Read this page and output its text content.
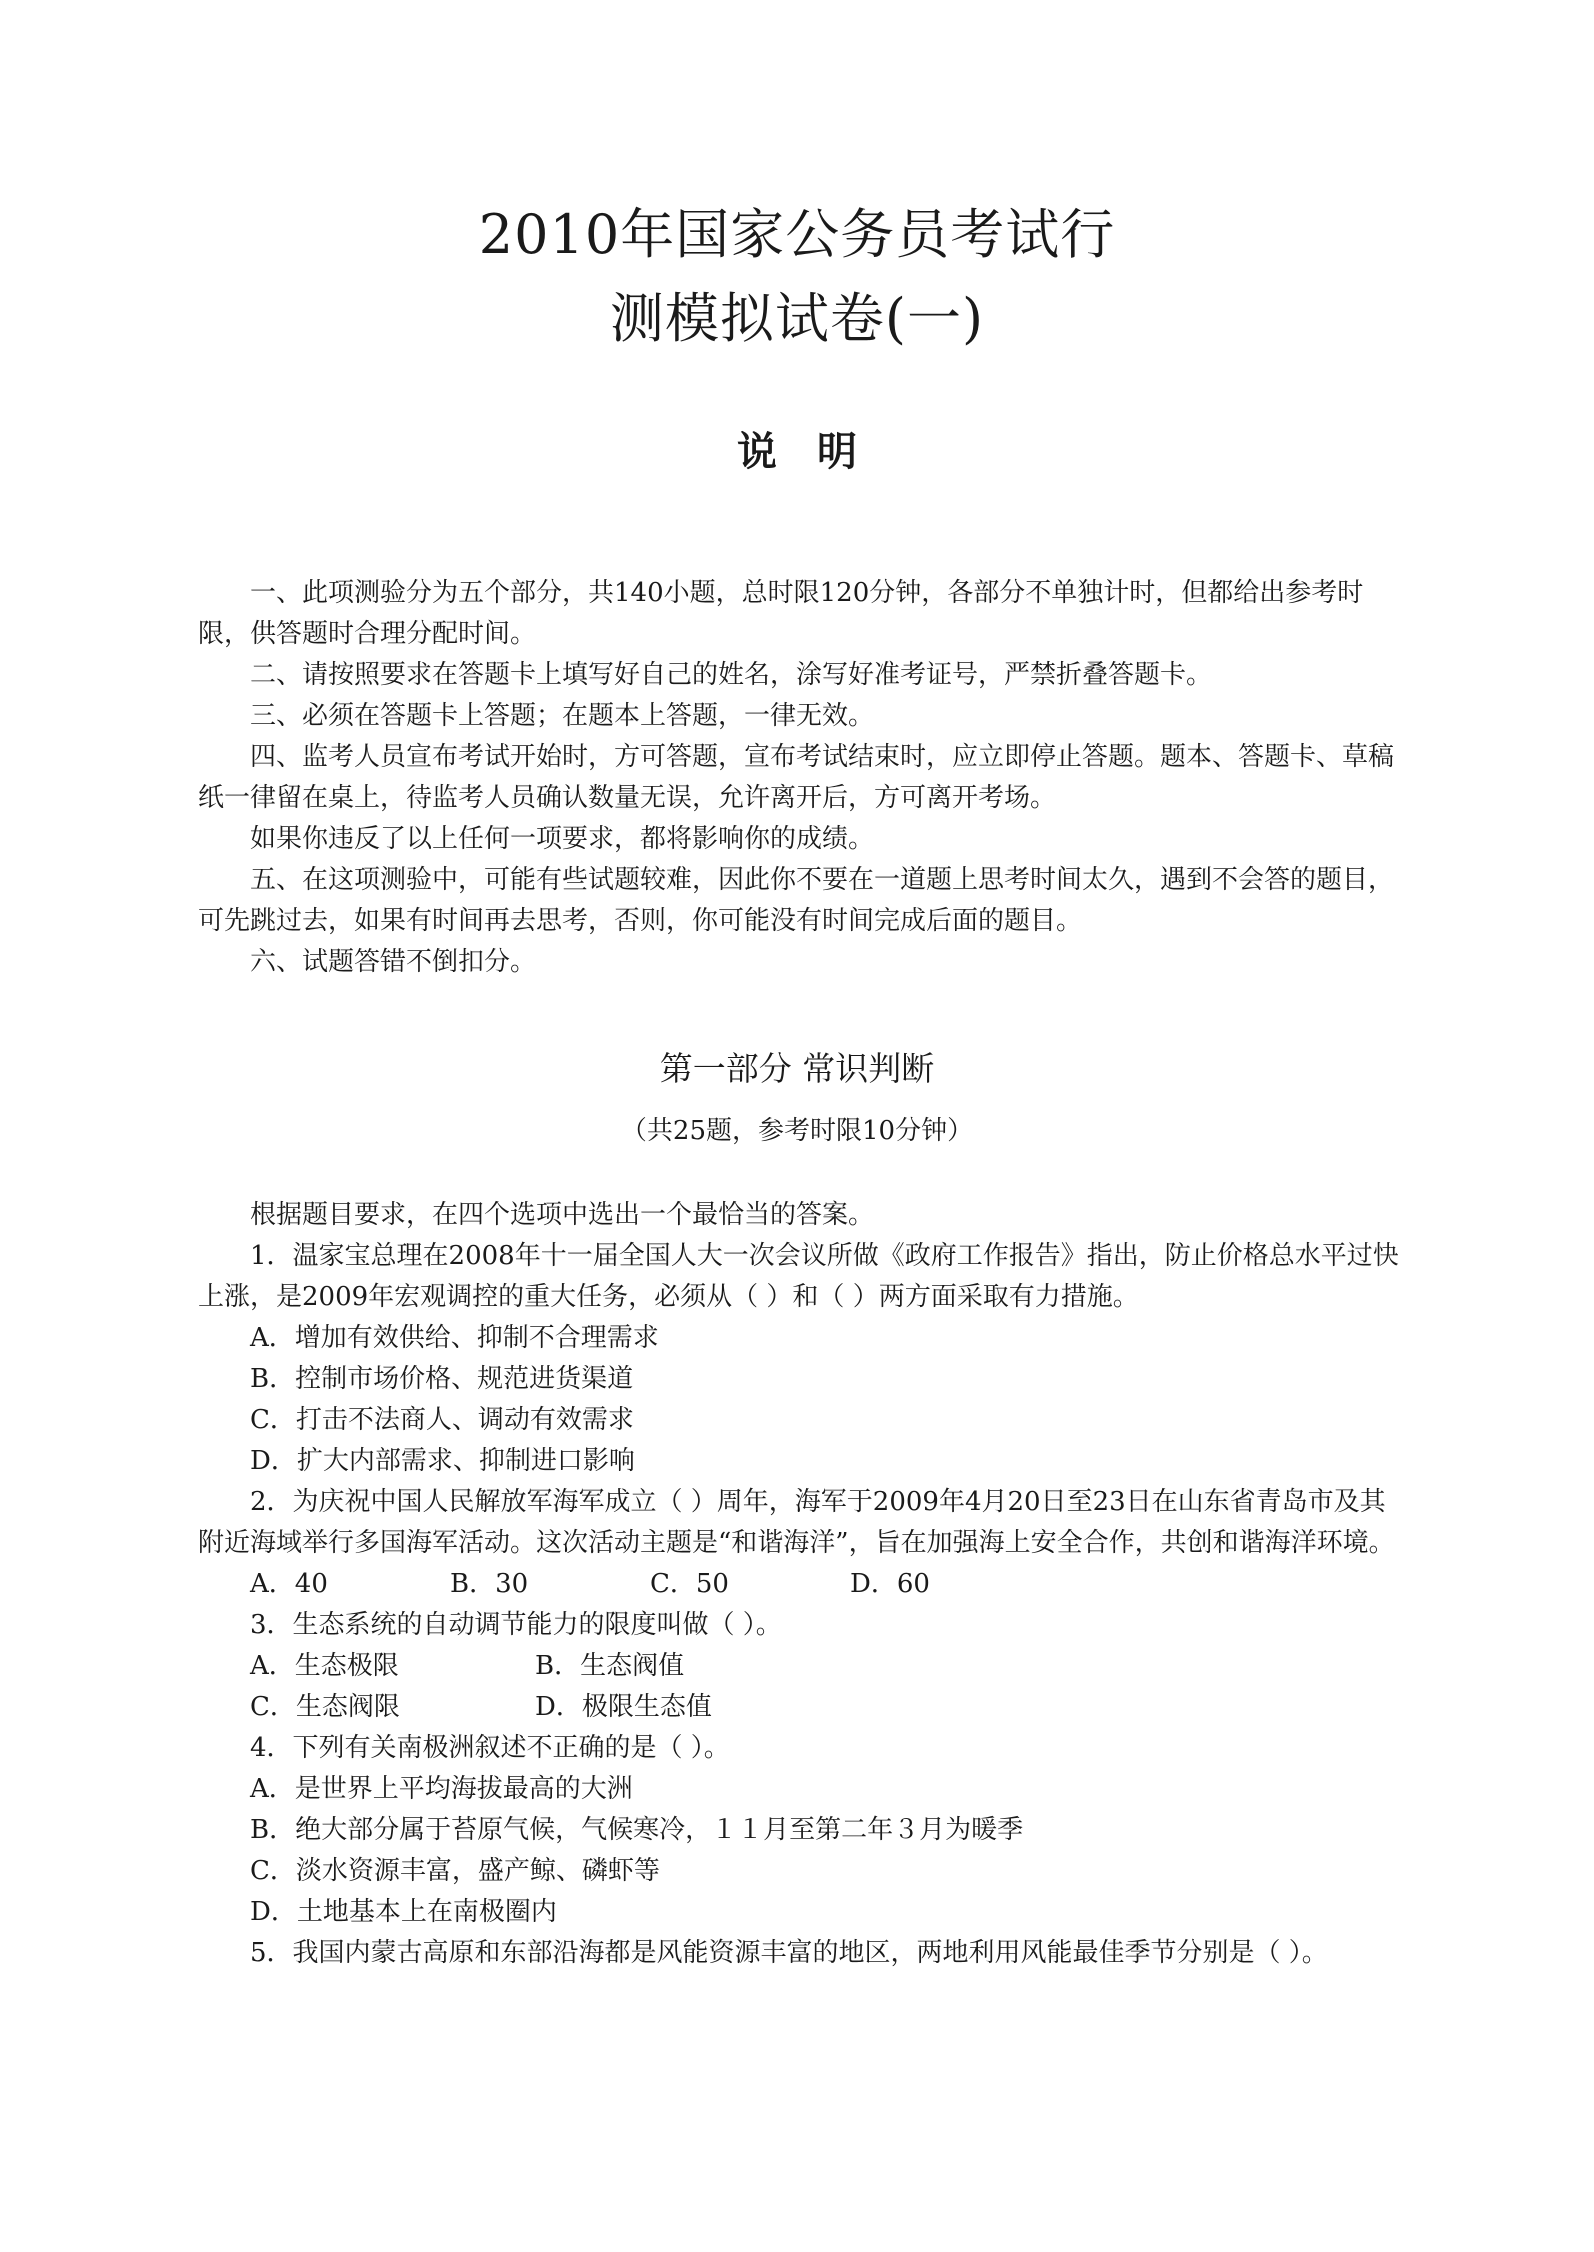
2010年国家公务员考试行
测模拟试卷(一)
说明

一、此项测验分为五个部分，共140小题，总时限120分钟，各部分不单独计时，但都给出参考时限，供答题时合理分配时间。

二、请按照要求在答题卡上填写好自己的姓名，涂写好准考证号，严禁折叠答题卡。

三、必须在答题卡上答题；在题本上答题，一律无效。

四、监考人员宣布考试开始时，方可答题，宣布考试结束时，应立即停止答题。题本、答题卡、草稿纸一律留在桌上，待监考人员确认数量无误，允许离开后，方可离开考场。

如果你违反了以上任何一项要求，都将影响你的成绩。

五、在这项测验中，可能有些试题较难，因此你不要在一道题上思考时间太久，遇到不会答的题目，可先跳过去，如果有时间再去思考，否则，你可能没有时间完成后面的题目。

六、试题答错不倒扣分。

第一部分 常识判断
（共25题，参考时限10分钟）

根据题目要求，在四个选项中选出一个最恰当的答案。

1．温家宝总理在2008年十一届全国人大一次会议所做《政府工作报告》指出，防止价格总水平过快上涨，是2009年宏观调控的重大任务，必须从（ ）和（ ）两方面采取有力措施。

A．增加有效供给、抑制不合理需求

B．控制市场价格、规范进货渠道

C．打击不法商人、调动有效需求

D．扩大内部需求、抑制进口影响

2．为庆祝中国人民解放军海军成立（ ）周年，海军于2009年4月20日至23日在山东省青岛市及其附近海域举行多国海军活动。这次活动主题是“和谐海洋”，旨在加强海上安全合作，共创和谐海洋环境。

A．40	B．30	C．50	D．60

3．生态系统的自动调节能力的限度叫做（ ）。

A．生态极限	B．生态阀值
C．生态阀限	D．极限生态值

4．下列有关南极洲叙述不正确的是（ ）。

A．是世界上平均海拔最高的大洲

B．绝大部分属于苔原气候，气候寒冷，１１月至第二年３月为暖季

C．淡水资源丰富，盛产鲸、磷虾等

D．土地基本上在南极圈内

5．我国内蒙古高原和东部沿海都是风能资源丰富的地区，两地利用风能最佳季节分别是（ ）。
